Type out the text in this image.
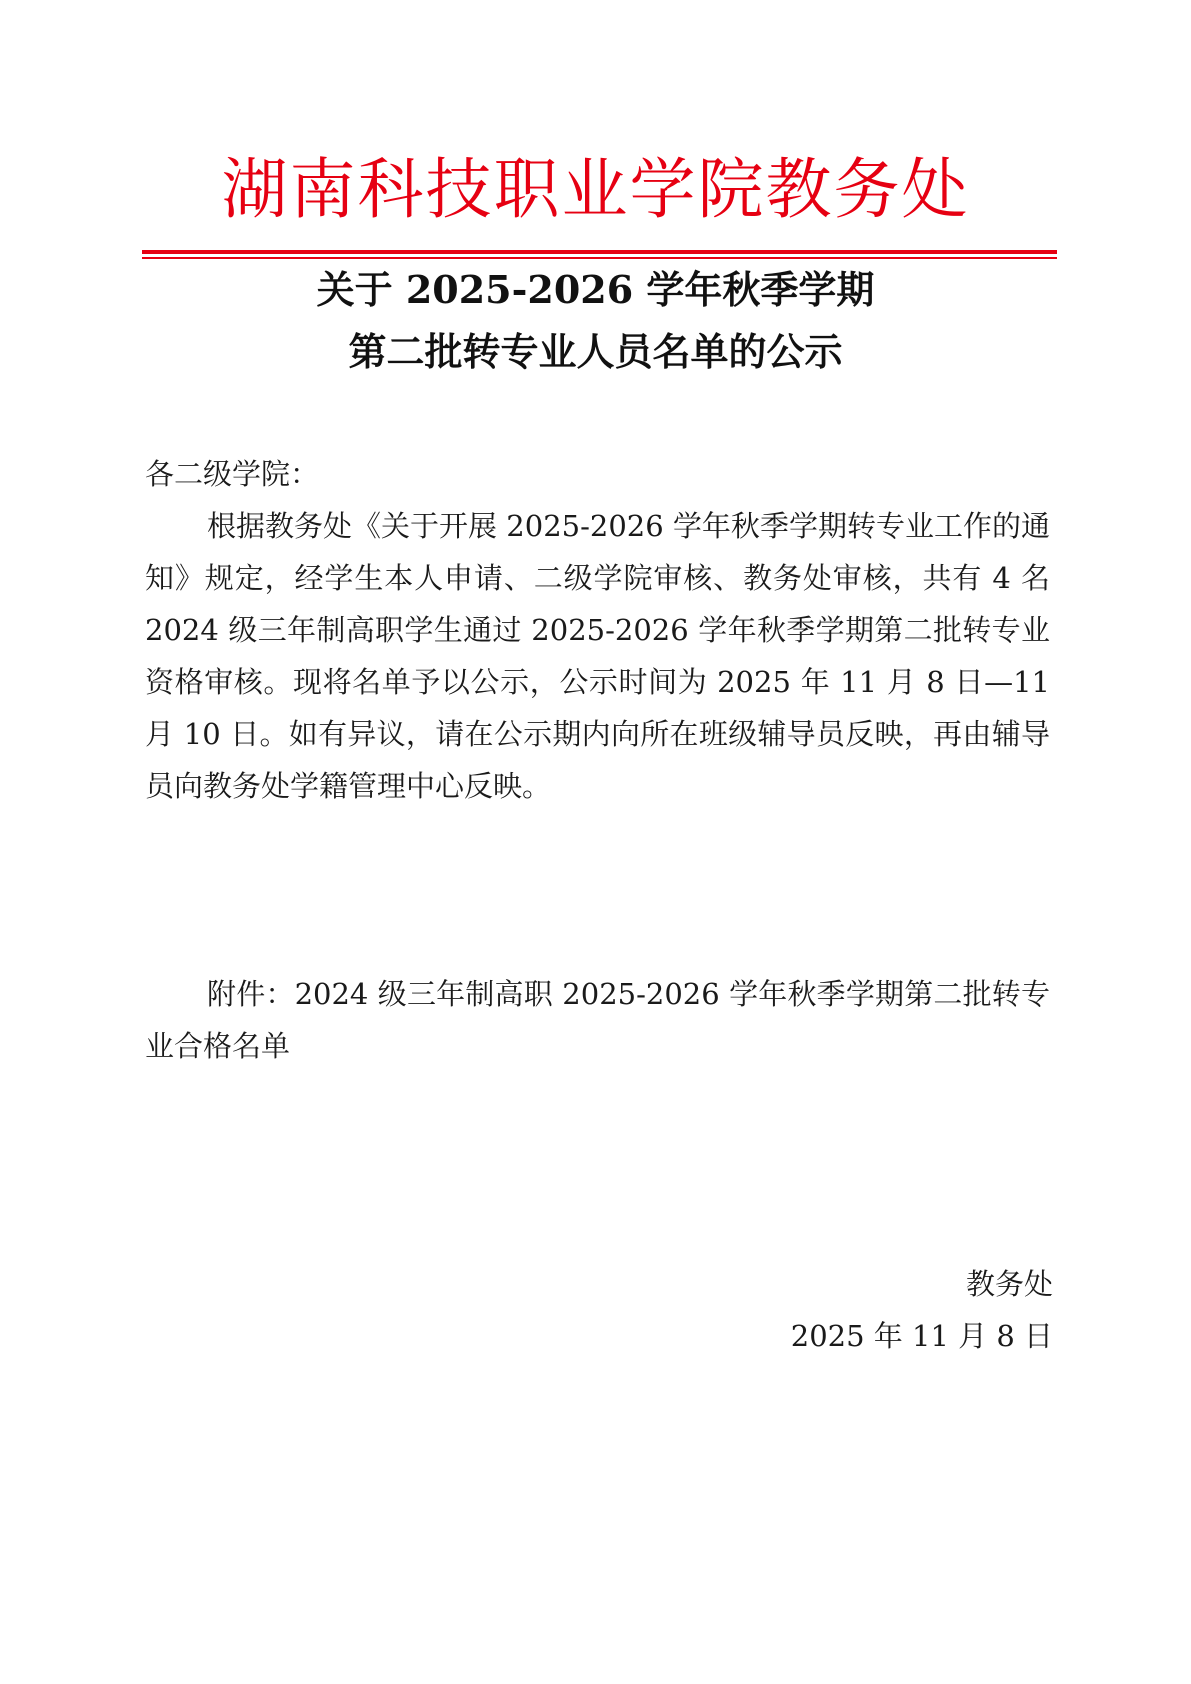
湖南科技职业学院教务处
关于 2025-2026 学年秋季学期
第二批转专业人员名单的公示
各二级学院：
根据教务处《关于开展 2025-2026 学年秋季学期转专业工作的通知》规定，经学生本人申请、二级学院审核、教务处审核，共有 4 名 2024 级三年制高职学生通过 2025-2026 学年秋季学期第二批转专业资格审核。现将名单予以公示，公示时间为 2025 年 11 月 8 日—11 月 10 日。如有异议，请在公示期内向所在班级辅导员反映，再由辅导员向教务处学籍管理中心反映。
附件：2024 级三年制高职 2025-2026 学年秋季学期第二批转专业合格名单
教务处
2025 年 11 月 8 日
